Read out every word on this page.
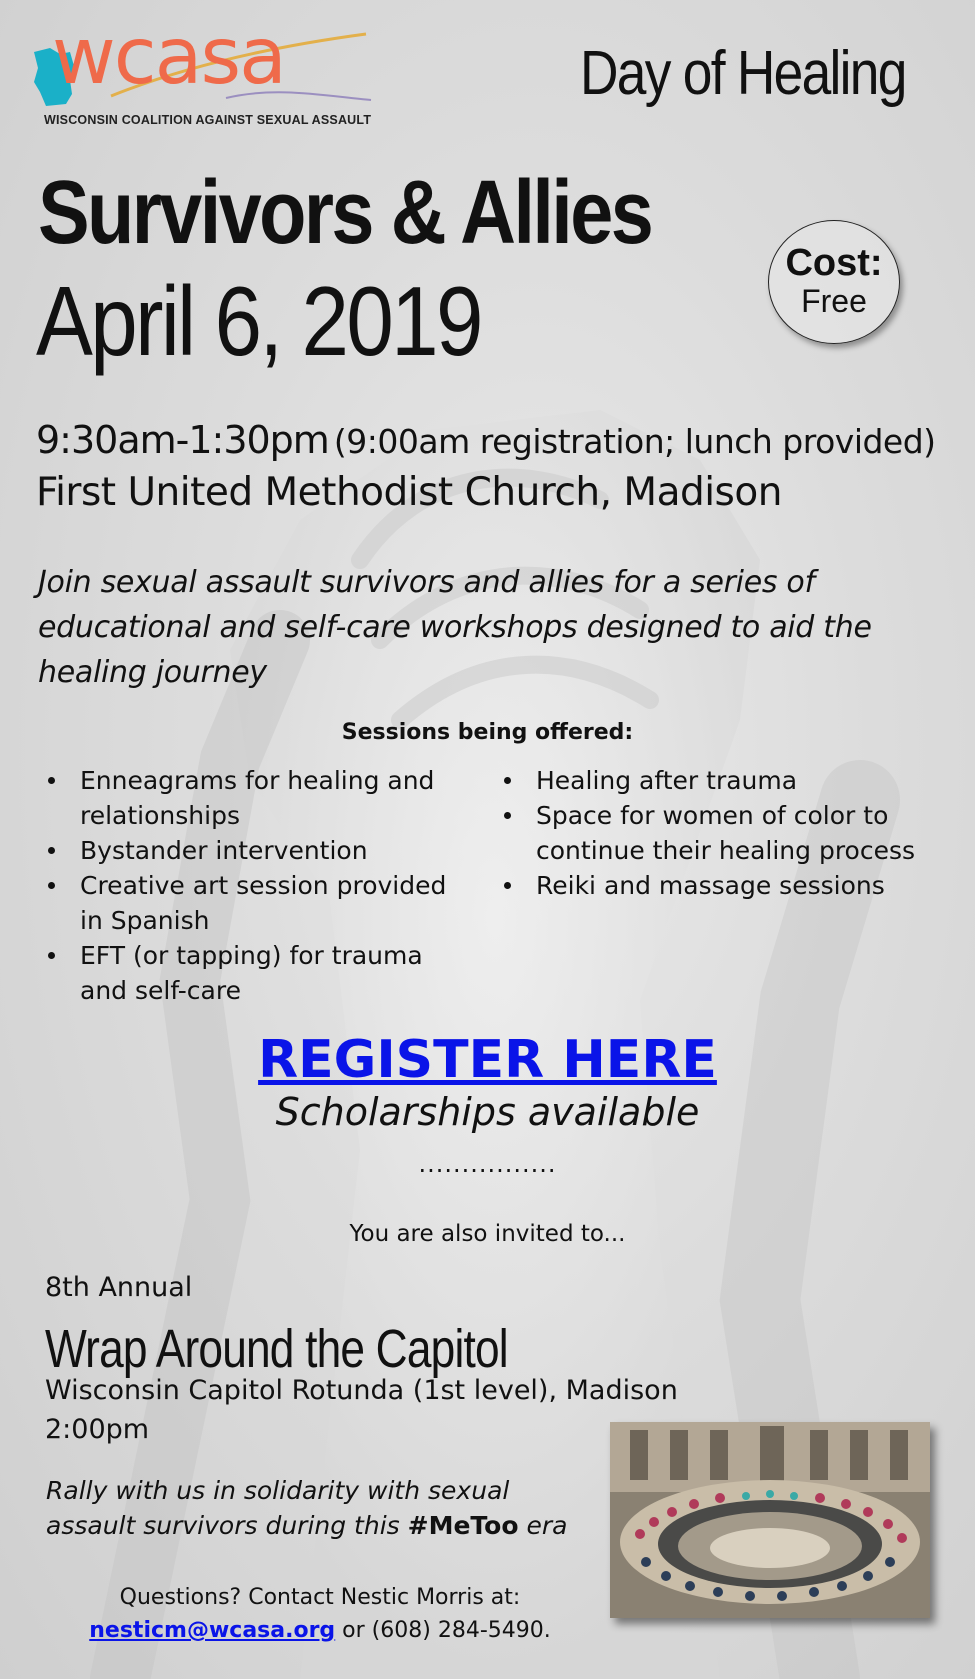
wcasa
WISCONSIN COALITION AGAINST SEXUAL ASSAULT
Day of Healing
Survivors & Allies
April 6, 2019
Cost:
Free
9:30am-1:30pm (9:00am registration; lunch provided)
First United Methodist Church, Madison
Join sexual assault survivors and allies for a series of educational and self-care workshops designed to aid the healing journey
Sessions being offered:
Enneagrams for healing and relationships
Bystander intervention
Creative art session provided in Spanish
EFT (or tapping) for trauma and self-care
Healing after trauma
Space for women of color to continue their healing process
Reiki and massage sessions
REGISTER HERE
Scholarships available
................
You are also invited to...
8th Annual
Wrap Around the Capitol
Wisconsin Capitol Rotunda (1st level), Madison
2:00pm
Rally with us in solidarity with sexual assault survivors during this #MeToo era
Questions? Contact Nestic Morris at:
nesticm@wcasa.org or (608) 284-5490.
